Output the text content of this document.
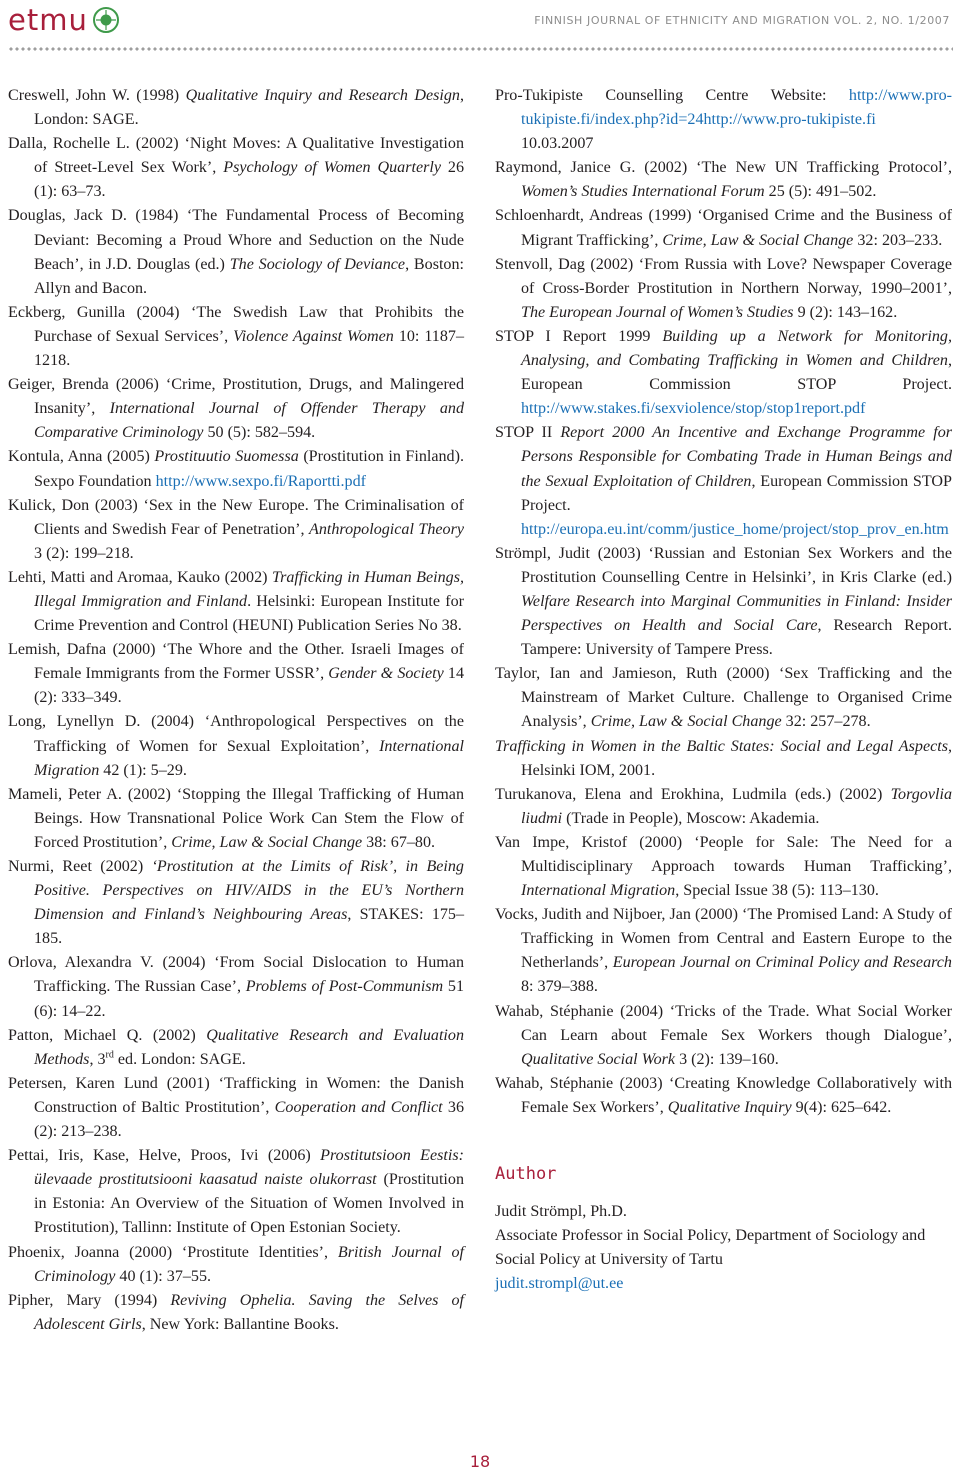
etmu	FINNISH JOURNAL OF ETHNICITY AND MIGRATION VOL. 2, NO. 1/2007

Creswell, John W. (1998) Qualitative Inquiry and Research Design, London: SAGE.

Dalla, Rochelle L. (2002) ‘Night Moves: A Qualitative Investigation of Street-Level Sex Work’, Psychology of Women Quarterly 26 (1): 63–73.

Douglas, Jack D. (1984) ‘The Fundamental Process of Becoming Deviant: Becoming a Proud Whore and Seduction on the Nude Beach’, in J.D. Douglas (ed.) The Sociology of Deviance, Boston: Allyn and Bacon.

Eckberg, Gunilla (2004) ‘The Swedish Law that Prohibits the Purchase of Sexual Services’, Violence Against Women 10: 1187–1218.

Geiger, Brenda (2006) ‘Crime, Prostitution, Drugs, and Malingered Insanity’, International Journal of Offender Therapy and Comparative Criminology 50 (5): 582–594.

Kontula, Anna (2005) Prostituutio Suomessa (Prostitution in Finland). Sexpo Foundation http://www.sexpo.fi/Raportti.pdf

Kulick, Don (2003) ‘Sex in the New Europe. The Criminalisation of Clients and Swedish Fear of Penetration’, Anthropological Theory 3 (2): 199–218.

Lehti, Matti and Aromaa, Kauko (2002) Trafficking in Human Beings, Illegal Immigration and Finland. Helsinki: European Institute for Crime Prevention and Control (HEUNI) Publication Series No 38.

Lemish, Dafna (2000) ‘The Whore and the Other. Israeli Images of Female Immigrants from the Former USSR’, Gender & Society 14 (2): 333–349.

Long, Lynellyn D. (2004) ‘Anthropological Perspectives on the Trafficking of Women for Sexual Exploitation’, International Migration 42 (1): 5–29.

Mameli, Peter A. (2002) ‘Stopping the Illegal Trafficking of Human Beings. How Transnational Police Work Can Stem the Flow of Forced Prostitution’, Crime, Law & Social Change 38: 67–80.

Nurmi, Reet (2002) ‘Prostitution at the Limits of Risk’, in Being Positive. Perspectives on HIV/AIDS in the EU’s Northern Dimension and Finland’s Neighbouring Areas, STAKES: 175–185.

Orlova, Alexandra V. (2004) ‘From Social Dislocation to Human Trafficking. The Russian Case’, Problems of Post-Communism 51 (6): 14–22.

Patton, Michael Q. (2002) Qualitative Research and Evaluation Methods, 3rd ed. London: SAGE.

Petersen, Karen Lund (2001) ‘Trafficking in Women: the Danish Construction of Baltic Prostitution’, Cooperation and Conflict 36 (2): 213–238.

Pettai, Iris, Kase, Helve, Proos, Ivi (2006) Prostitutsioon Eestis: ülevaade prostitutsiooni kaasatud naiste olukorrast (Prostitution in Estonia: An Overview of the Situation of Women Involved in Prostitution), Tallinn: Institute of Open Estonian Society.

Phoenix, Joanna (2000) ‘Prostitute Identities’, British Journal of Criminology 40 (1): 37–55.

Pipher, Mary (1994) Reviving Ophelia. Saving the Selves of Adolescent Girls, New York: Ballantine Books.

Pro-Tukipiste Counselling Centre Website: http://www.pro-tukipiste.fi/index.php?id=24http://www.pro-tukipiste.fi 10.03.2007

Raymond, Janice G. (2002) ‘The New UN Trafficking Protocol’, Women’s Studies International Forum 25 (5): 491–502.

Schloenhardt, Andreas (1999) ‘Organised Crime and the Business of Migrant Trafficking’, Crime, Law & Social Change 32: 203–233.

Stenvoll, Dag (2002) ‘From Russia with Love? Newspaper Coverage of Cross-Border Prostitution in Northern Norway, 1990–2001’, The European Journal of Women’s Studies 9 (2): 143–162.

STOP I Report 1999 Building up a Network for Monitoring, Analysing, and Combating Trafficking in Women and Children, European Commission STOP Project. http://www.stakes.fi/sexviolence/stop/stop1report.pdf

STOP II Report 2000 An Incentive and Exchange Programme for Persons Responsible for Combating Trade in Human Beings and the Sexual Exploitation of Children, European Commission STOP Project. http://europa.eu.int/comm/justice_home/project/stop_prov_en.htm

Strömpl, Judit (2003) ‘Russian and Estonian Sex Workers and the Prostitution Counselling Centre in Helsinki’, in Kris Clarke (ed.) Welfare Research into Marginal Communities in Finland: Insider Perspectives on Health and Social Care, Research Report. Tampere: University of Tampere Press.

Taylor, Ian and Jamieson, Ruth (2000) ‘Sex Trafficking and the Mainstream of Market Culture. Challenge to Organised Crime Analysis’, Crime, Law & Social Change 32: 257–278.

Trafficking in Women in the Baltic States: Social and Legal Aspects, Helsinki IOM, 2001.

Turukanova, Elena and Erokhina, Ludmila (eds.) (2002) Torgovlia liudmi (Trade in People), Moscow: Akademia.

Van Impe, Kristof (2000) ‘People for Sale: The Need for a Multidisciplinary Approach towards Human Trafficking’, International Migration, Special Issue 38 (5): 113–130.

Vocks, Judith and Nijboer, Jan (2000) ‘The Promised Land: A Study of Trafficking in Women from Central and Eastern Europe to the Netherlands’, European Journal on Criminal Policy and Research 8: 379–388.

Wahab, Stéphanie (2004) ‘Tricks of the Trade. What Social Worker Can Learn about Female Sex Workers though Dialogue’, Qualitative Social Work 3 (2): 139–160.

Wahab, Stéphanie (2003) ‘Creating Knowledge Collaboratively with Female Sex Workers’, Qualitative Inquiry 9(4): 625–642.

Author

Judit Strömpl, Ph.D.

Associate Professor in Social Policy, Department of Sociology and Social Policy at University of Tartu

judit.strompl@ut.ee

18
